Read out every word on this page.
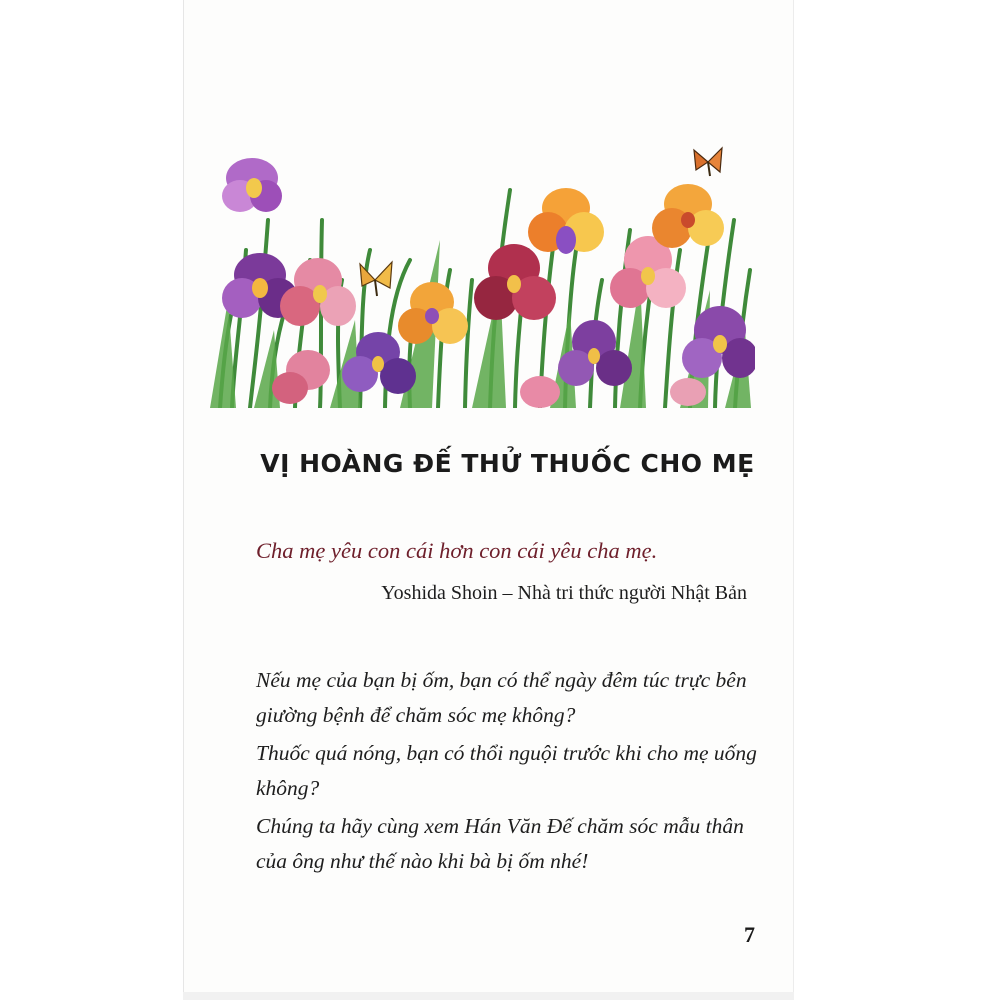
VỊ HOÀNG ĐẾ THỬ THUỐC CHO MẸ
Cha mẹ yêu con cái hơn con cái yêu cha mẹ.
Yoshida Shoin – Nhà tri thức người Nhật Bản
Nếu mẹ của bạn bị ốm, bạn có thể ngày đêm túc trực bên
giường bệnh để chăm sóc mẹ không?
Thuốc quá nóng, bạn có thổi nguội trước khi cho mẹ uống
không?
Chúng ta hãy cùng xem Hán Văn Đế chăm sóc mẫu thân
của ông như thế nào khi bà bị ốm nhé!
7
